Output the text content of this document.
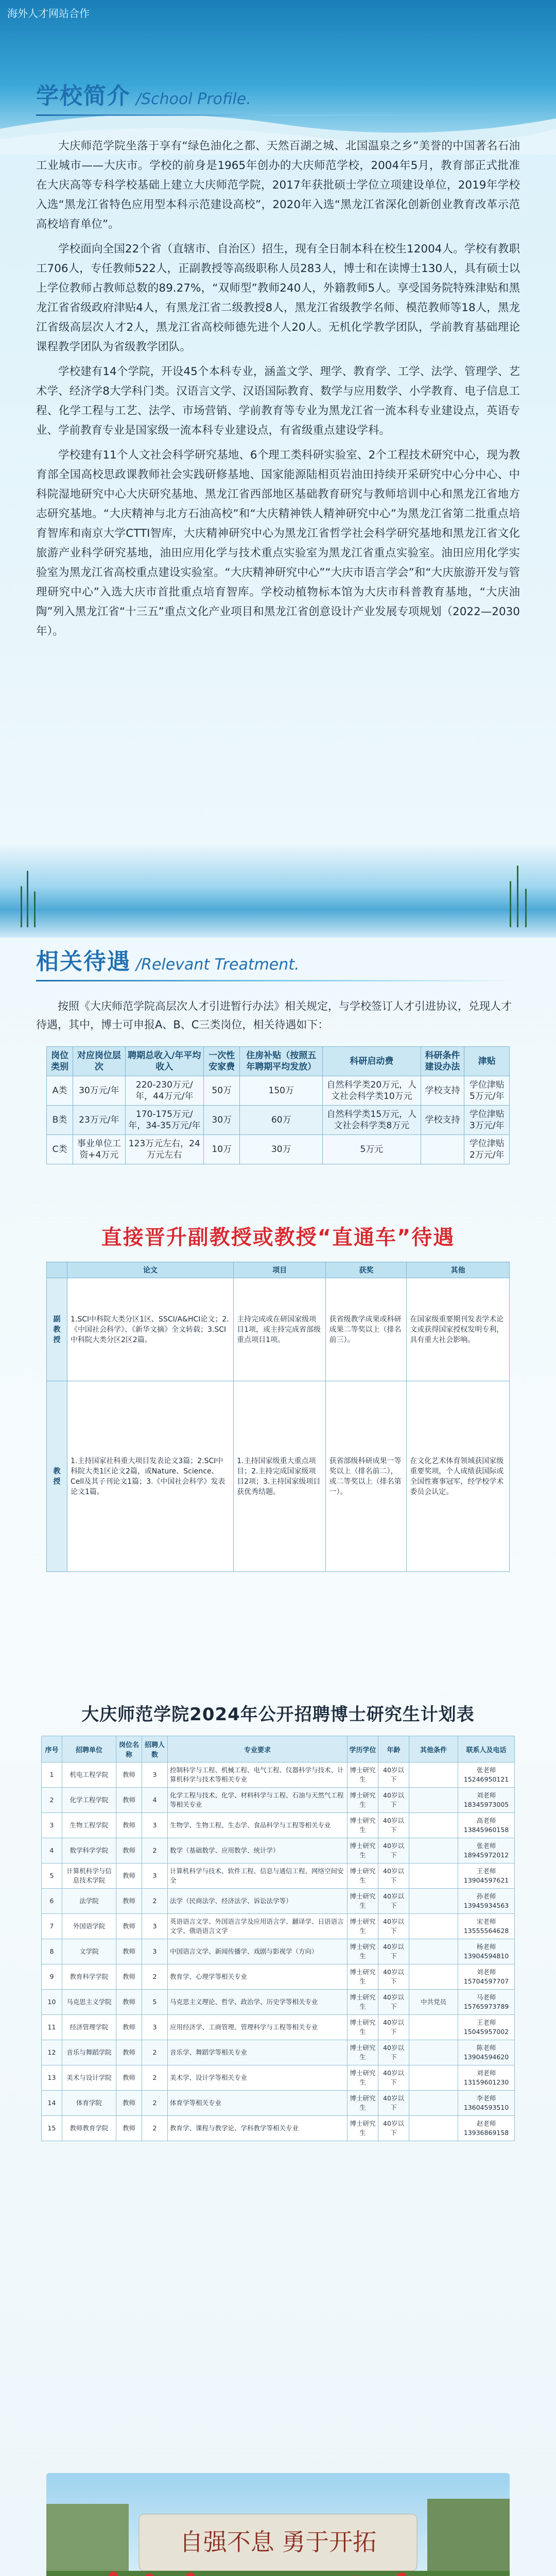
海外人才网站合作
学校简介 /School Profile.

大庆师范学院坐落于享有“绿色油化之都、天然百湖之城、北国温泉之乡”美誉的中国著名石油工业城市——大庆市。学校的前身是1965年创办的大庆师范学校，2004年5月，教育部正式批准在大庆高等专科学校基础上建立大庆师范学院，2017年获批硕士学位立项建设单位，2019年学校入选“黑龙江省特色应用型本科示范建设高校”，2020年入选“黑龙江省深化创新创业教育改革示范高校培育单位”。

学校面向全国22个省（直辖市、自治区）招生，现有全日制本科在校生12004人。学校有教职工706人，专任教师522人，正副教授等高级职称人员283人，博士和在读博士130人，具有硕士以上学位教师占教师总数的89.27%，“双师型”教师240人，外籍教师5人。享受国务院特殊津贴和黑龙江省省级政府津贴4人，有黑龙江省二级教授8人，黑龙江省级教学名师、模范教师等18人，黑龙江省级高层次人才2人，黑龙江省高校师德先进个人20人。无机化学教学团队，学前教育基础理论课程教学团队为省级教学团队。

学校建有14个学院，开设45个本科专业，涵盖文学、理学、教育学、工学、法学、管理学、艺术学、经济学8大学科门类。汉语言文学、汉语国际教育、数学与应用数学、小学教育、电子信息工程、化学工程与工艺、法学、市场营销、学前教育等专业为黑龙江省一流本科专业建设点，英语专业、学前教育专业是国家级一流本科专业建设点，有省级重点建设学科。

学校建有11个人文社会科学研究基地、6个理工类科研实验室、2个工程技术研究中心，现为教育部全国高校思政课教师社会实践研修基地、国家能源陆相页岩油田持续开采研究中心分中心、中科院湿地研究中心大庆研究基地、黑龙江省西部地区基础教育研究与教师培训中心和黑龙江省地方志研究基地。“大庆精神与北方石油高校”和“大庆精神铁人精神研究中心”为黑龙江省第二批重点培育智库和南京大学CTTI智库，大庆精神研究中心为黑龙江省哲学社会科学研究基地和黑龙江省文化旅游产业科学研究基地，油田应用化学与技术重点实验室为黑龙江省重点实验室。油田应用化学实验室为黑龙江省高校重点建设实验室。“大庆精神研究中心”“大庆市语言学会”和“大庆旅游开发与管理研究中心”入选大庆市首批重点培育智库。学校动植物标本馆为大庆市科普教育基地，“大庆油陶”列入黑龙江省“十三五”重点文化产业项目和黑龙江省创意设计产业发展专项规划（2022—2030年）。

相关待遇 /Relevant Treatment.

按照《大庆师范学院高层次人才引进暂行办法》相关规定，与学校签订人才引进协议，兑现人才待遇，其中，博士可申报A、B、C三类岗位，相关待遇如下：

岗位类别	对应岗位层次	聘期总收入/年平均收入	一次性安家费	住房补贴（按照五年聘期平均发放）	科研启动费	科研条件建设办法	津贴
A类	30万元/年	220-230万元/年，44万元/年	50万	150万	自然科学类20万元，人文社会科学类10万元	学校支持	学位津贴5万元/年
B类	23万元/年	170-175万元/年，34-35万元/年	30万	60万	自然科学类15万元，人文社会科学类8万元	学校支持	学位津贴3万元/年
C类	事业单位工资+4万元	123万元左右，24万元左右	10万	30万	5万元		学位津贴2万元/年
直接晋升副教授或教授“直通车”待遇
	论文	项目	获奖	其他
副教授	1.SCI中科院大类分区1区、SSCI/A&HCI论文；2.《中国社会科学》、《新华文摘》全文转载；3.SCI中科院大类分区2区2篇。	主持完成或在研国家级项目1项，或主持完成省部级重点项目1项。	获省级教学成果或科研成果二等奖以上（排名前三）。	在国家级重要期刊发表学术论文或获得国家授权发明专利，具有重大社会影响。
教授	1.主持国家社科重大项目发表论文3篇；2.SCI中科院大类1区论文2篇，或Nature、Science、Cell及其子刊论文1篇；3.《中国社会科学》发表论文1篇。	1.主持国家级重大重点项目；2.主持完成国家级项目2项；3.主持国家级项目获优秀结题。	获省部级科研成果一等奖以上（排名前二），或二等奖以上（排名第一）。	在文化艺术体育领域获国家级重要奖项，个人成绩获国际或全国性赛事冠军，经学校学术委员会认定。
大庆师范学院2024年公开招聘博士研究生计划表
序号	招聘单位	岗位名称	招聘人数	专业要求	学历学位	年龄	其他条件	联系人及电话
1	机电工程学院	教师	3	控制科学与工程、机械工程、电气工程、仪器科学与技术、计算机科学与技术等相关专业	博士研究生	40岁以下		张老师 15246950121
2	化学工程学院	教师	4	化学工程与技术、化学、材料科学与工程、石油与天然气工程等相关专业	博士研究生	40岁以下		刘老师 18345973005
3	生物工程学院	教师	3	生物学、生物工程、生态学、食品科学与工程等相关专业	博士研究生	40岁以下		高老师 13845960158
4	数学科学学院	教师	2	数学（基础数学、应用数学、统计学）	博士研究生	40岁以下		张老师 18945972012
5	计算机科学与信息技术学院	教师	3	计算机科学与技术、软件工程、信息与通信工程、网络空间安全	博士研究生	40岁以下		王老师 13904597621
6	法学院	教师	2	法学（民商法学、经济法学、诉讼法学等）	博士研究生	40岁以下		孙老师 13945934563
7	外国语学院	教师	3	英语语言文学、外国语言学及应用语言学、翻译学、日语语言文学、俄语语言文学	博士研究生	40岁以下		宋老师 13555564628
8	文学院	教师	3	中国语言文学、新闻传播学、戏剧与影视学（方向）	博士研究生	40岁以下		杨老师 13904594810
9	教育科学学院	教师	2	教育学、心理学等相关专业	博士研究生	40岁以下		刘老师 15704597707
10	马克思主义学院	教师	5	马克思主义理论、哲学、政治学、历史学等相关专业	博士研究生	40岁以下	中共党员	马老师 15765973789
11	经济管理学院	教师	3	应用经济学、工商管理、管理科学与工程等相关专业	博士研究生	40岁以下		王老师 15045957002
12	音乐与舞蹈学院	教师	2	音乐学、舞蹈学等相关专业	博士研究生	40岁以下		陈老师 13904594620
13	美术与设计学院	教师	2	美术学、设计学等相关专业	博士研究生	40岁以下		刘老师 13159601230
14	体育学院	教师	2	体育学等相关专业	博士研究生	40岁以下		李老师 13604593510
15	教师教育学院	教师	2	教育学、课程与教学论、学科教学等相关专业	博士研究生	40岁以下		赵老师 13936869158
自强不息 勇于开拓
